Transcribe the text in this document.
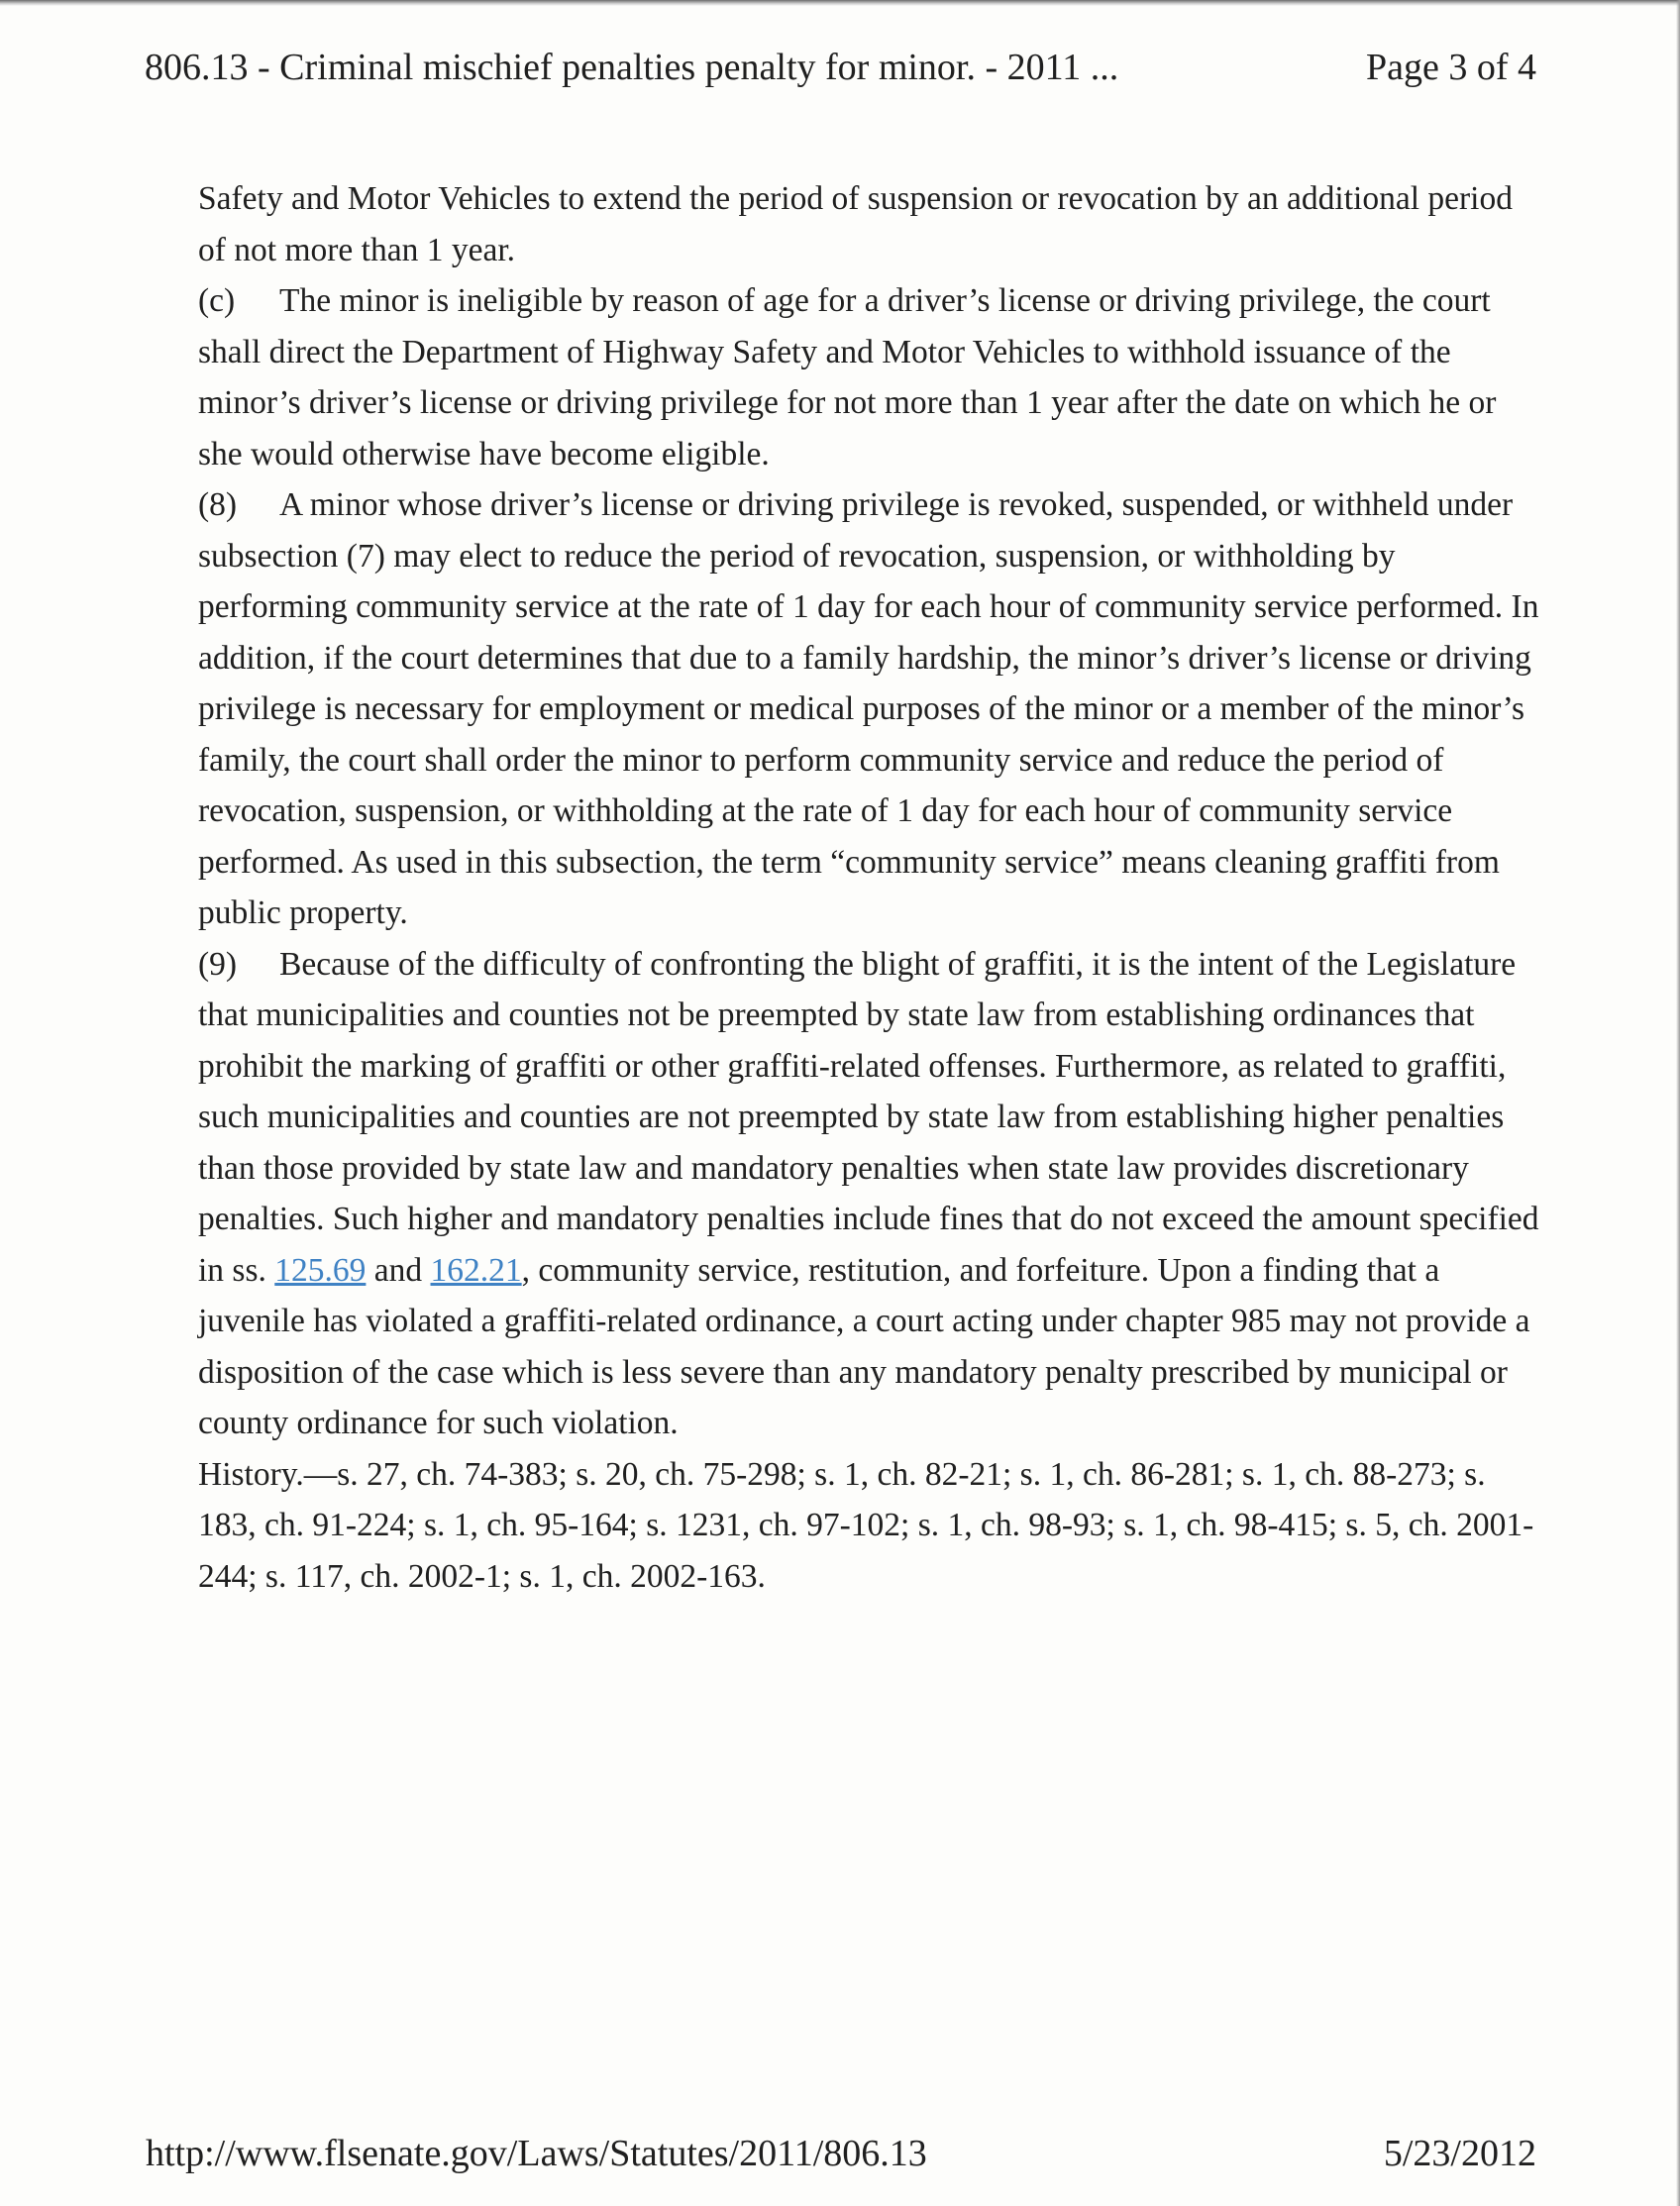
806.13 - Criminal mischief penalties penalty for minor. - 2011 ...	Page 3 of 4

Safety and Motor Vehicles to extend the period of suspension or revocation by an additional period of not more than 1 year.

(c) The minor is ineligible by reason of age for a driver’s license or driving privilege, the court shall direct the Department of Highway Safety and Motor Vehicles to withhold issuance of the minor’s driver’s license or driving privilege for not more than 1 year after the date on which he or she would otherwise have become eligible.

(8) A minor whose driver’s license or driving privilege is revoked, suspended, or withheld under subsection (7) may elect to reduce the period of revocation, suspension, or withholding by performing community service at the rate of 1 day for each hour of community service performed. In addition, if the court determines that due to a family hardship, the minor’s driver’s license or driving privilege is necessary for employment or medical purposes of the minor or a member of the minor’s family, the court shall order the minor to perform community service and reduce the period of revocation, suspension, or withholding at the rate of 1 day for each hour of community service performed. As used in this subsection, the term “community service” means cleaning graffiti from public property.

(9) Because of the difficulty of confronting the blight of graffiti, it is the intent of the Legislature that municipalities and counties not be preempted by state law from establishing ordinances that prohibit the marking of graffiti or other graffiti-related offenses. Furthermore, as related to graffiti, such municipalities and counties are not preempted by state law from establishing higher penalties than those provided by state law and mandatory penalties when state law provides discretionary penalties. Such higher and mandatory penalties include fines that do not exceed the amount specified in ss. 125.69 and 162.21, community service, restitution, and forfeiture. Upon a finding that a juvenile has violated a graffiti-related ordinance, a court acting under chapter 985 may not provide a disposition of the case which is less severe than any mandatory penalty prescribed by municipal or county ordinance for such violation.

History.—s. 27, ch. 74-383; s. 20, ch. 75-298; s. 1, ch. 82-21; s. 1, ch. 86-281; s. 1, ch. 88-273; s. 183, ch. 91-224; s. 1, ch. 95-164; s. 1231, ch. 97-102; s. 1, ch. 98-93; s. 1, ch. 98-415; s. 5, ch. 2001-244; s. 117, ch. 2002-1; s. 1, ch. 2002-163.

http://www.flsenate.gov/Laws/Statutes/2011/806.13	5/23/2012
